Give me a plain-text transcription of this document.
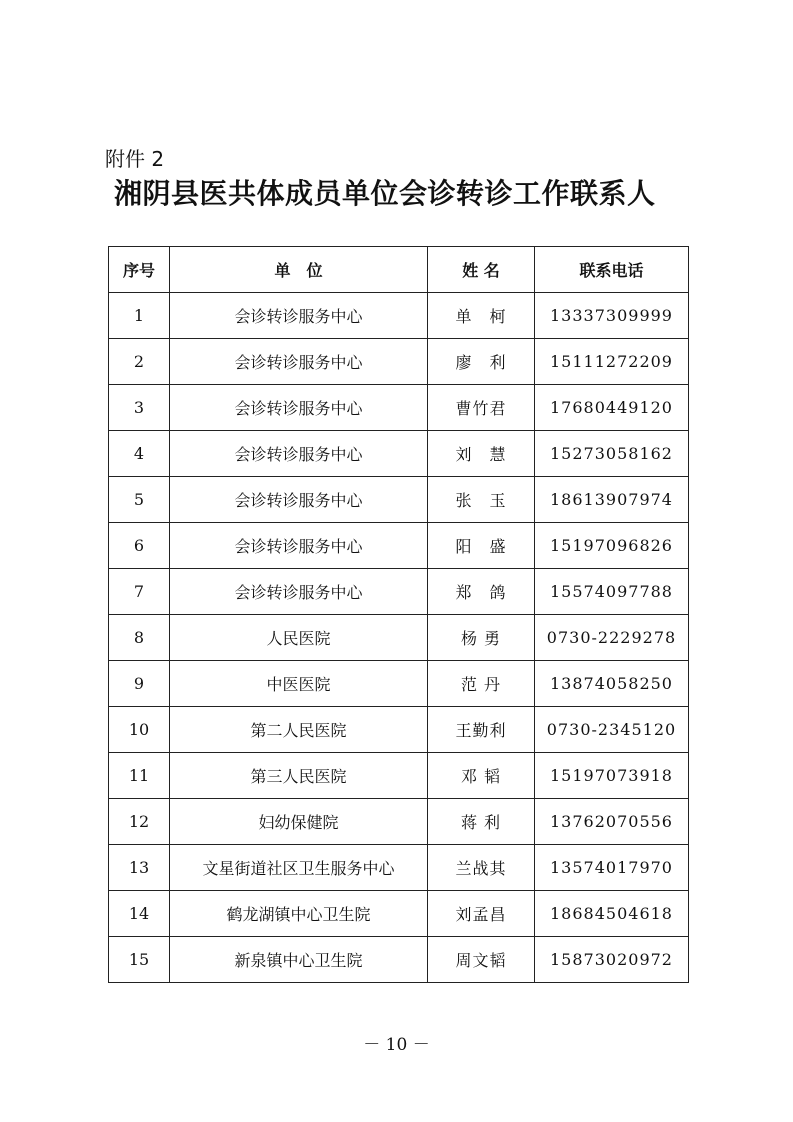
附件 2
湘阴县医共体成员单位会诊转诊工作联系人
序号	单　位	姓 名	联系电话
1	会诊转诊服务中心	单　柯	13337309999
2	会诊转诊服务中心	廖　利	15111272209
3	会诊转诊服务中心	曹竹君	17680449120
4	会诊转诊服务中心	刘　慧	15273058162
5	会诊转诊服务中心	张　玉	18613907974
6	会诊转诊服务中心	阳　盛	15197096826
7	会诊转诊服务中心	郑　鸽	15574097788
8	人民医院	杨 勇	0730-2229278
9	中医医院	范 丹	13874058250
10	第二人民医院	王勤利	0730-2345120
11	第三人民医院	邓 韬	15197073918
12	妇幼保健院	蒋 利	13762070556
13	文星街道社区卫生服务中心	兰战其	13574017970
14	鹤龙湖镇中心卫生院	刘孟昌	18684504618
15	新泉镇中心卫生院	周文韬	15873020972
－ 10 －
